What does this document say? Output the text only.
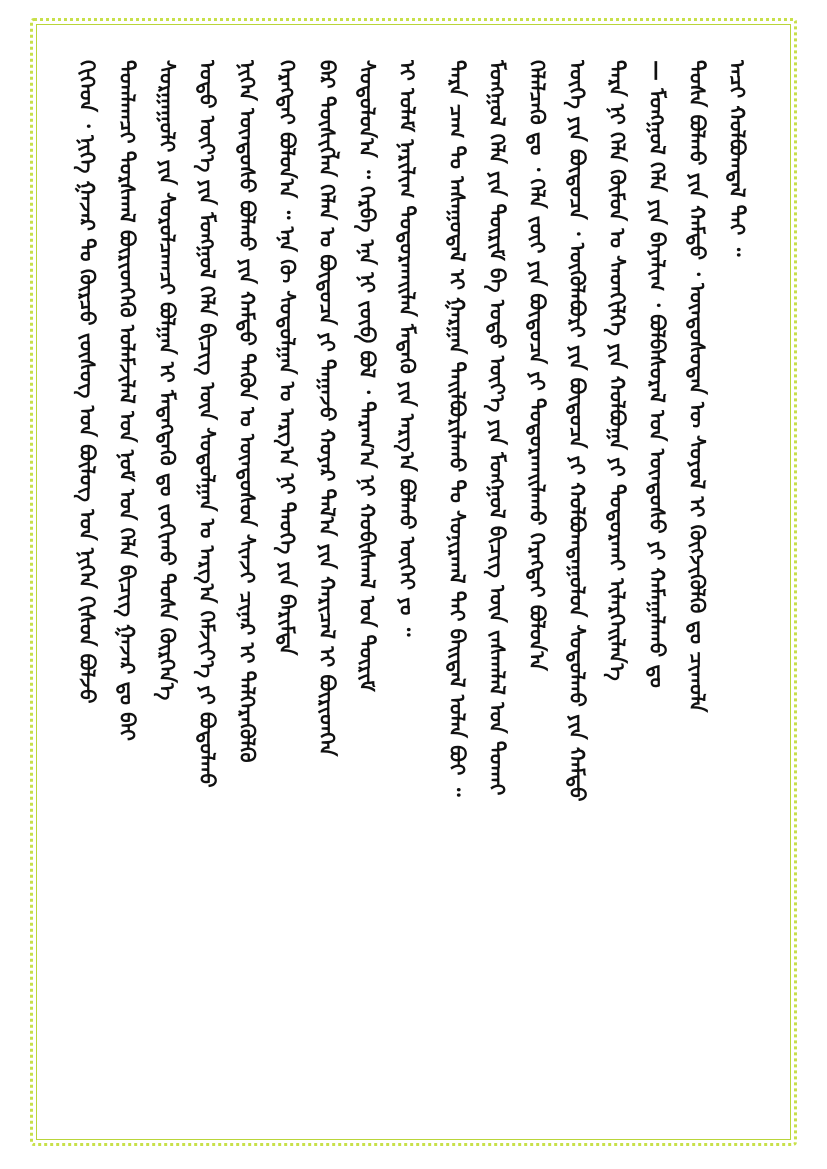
ᠬᠢᠭᠡᠳ ᠂ ᠨᠢᠭᠡ ᠭᠠᠵᠠᠷ ᠲᠤ ᠬᠦᠷᠴᠤ ᠵᠦᠰᠦᠭ ᠤᠨ ᠪᠦᠯᠦᠭ ᠤᠨ ᠨᠢᠭᠡᠨ ᠭᠢᠰᠦᠨ ᠪᠣᠯᠵᠤ ᠲᠣᠭᠯᠠᠭᠴᠢ ᠳᠤᠷᠰᠬᠠᠯ ᠪᠦᠷᠢᠳᠭᠡᠬᠦ ᠤᠯᠠᠮᠵᠢᠯᠠᠯ ᠤᠨ ᠨᠣᠮ ᠤᠨ ᠬᠡᠯᠡ ᠪᠢᠴᠢᠭ ᠭᠠᠵᠠᠷ ᠳᠤ ᠪᠠᠢ ᠰᠤᠷᠭᠠᠭᠤᠯᠢ ᠶᠢᠨ ᠰᠤᠷᠤᠯᠴᠠᠭᠴᠢ ᠪᠣᠯᠭᠠᠨ ᠢ ᠮᠡᠳᠡᠭᠳᠡᠬᠦ ᠳᠤ ᠵᠣᠬᠢᠬᠤ ᠲᠤᠰᠠ ᠬᠦᠷᠭᠡᠨ᠎ᠡ ᠣᠳᠣ ᠦᠶ᠎ᠡ ᠶᠢᠨ ᠮᠣᠩᠭᠣᠯ ᠬᠡᠯᠡ ᠪᠢᠴᠢᠭ ᠦᠨ ᠰᠤᠳᠤᠯᠭᠠᠨ ᠤ ᠠᠷᠭ᠎ᠠ ᠬᠡᠮᠵᠢᠶ᠎ᠡ ᠶᠢ ᠪᠣᠳᠤᠯᠬᠤ ᠨᠢᠭᠡᠨ ᠦᠨᠳᠦᠰᠦ ᠪᠣᠯᠬᠤ ᠶᠢᠨ ᠬᠠᠮᠲᠤ ᠲᠡᠭᠦᠨ ᠤ ᠦᠨᠳᠦᠰᠦᠨ ᠰᠢᠨᠵᠢ ᠴᠢᠨᠠᠷ ᠢ ᠳᠡᠯᠭᠡᠷᠡᠭᠦᠯᠬᠦ ᠬᠡᠷᠡᠭᠲᠡᠢ ᠪᠣᠯᠤᠨ᠎ᠠ ᠃ ᠡᠨᠡ ᠬᠦ ᠰᠤᠳᠤᠯᠭᠠᠨ ᠤ ᠠᠷᠭ᠎ᠠ ᠨᠢ ᠲᠡᠦᠬᠡ ᠶᠢᠨ ᠪᠠᠷᠢᠮᠲᠠ ᠪᠠᠷ ᠲᠦᠰᠢᠭᠯᠡᠨ ᠬᠡᠯᠡᠨ ᠤ ᠪᠦᠲᠦᠴᠡ ᠶᠢ ᠳᠠᠭᠠᠵᠤ ᠬᠣᠶᠠᠷ ᠲᠠᠯ᠎ᠠ ᠶᠢᠨ ᠬᠠᠷᠢᠴᠠᠯ ᠢ ᠪᠦᠷᠢᠳᠭᠡᠨ ᠰᠤᠳᠤᠯᠤᠨ᠎ᠠ ᠃ ᠬᠡᠷᠪᠡ ᠡᠨᠡ ᠨᠢ ᠵᠥᠪ ᠪᠣᠯ ᠂ ᠳᠠᠷᠠᠭ᠎ᠠ ᠨᠢ ᠬᠤᠪᠢᠰᠬᠠᠯ ᠤᠨ ᠳᠦᠷᠢᠮ ᠢ ᠤᠯᠠᠮ ᠨᠠᠷᠢᠯᠢᠭ ᠲᠣᠳᠣᠷᠬᠠᠢᠯᠠᠨ ᠮᠡᠳᠡᠬᠦ ᠶᠢᠨ ᠠᠷᠭ᠎ᠠ ᠪᠣᠯᠬᠤ ᠦᠭᠡᠢ ᠶᠤ ᠃ ᠲᠡᠷᠡ ᠴᠠᠭ ᠲᠤ ᠠᠰᠠᠭᠤᠳᠠᠯ ᠢ ᠭᠠᠷᠭᠠᠨ ᠲᠠᠢᠯᠪᠤᠷᠢᠯᠠᠬᠤ ᠲᠤ ᠰᠣᠨᠢᠷᠬᠠᠯ ᠲᠠᠢ ᠪᠠᠢᠳᠠᠯ ᠤᠯᠠᠨ ᠪᠣᠢ ᠃ ᠮᠣᠩᠭᠣᠯ ᠬᠡᠯᠡ ᠶᠢᠨ ᠳᠦᠷᠢᠮ ᠪᠠ ᠣᠳᠣ ᠦᠶ᠎ᠡ ᠶᠢᠨ ᠮᠣᠩᠭᠣᠯ ᠪᠢᠴᠢᠭ ᠦᠨ ᠵᠠᠰᠠᠭᠯᠠᠯ ᠤᠨ ᠲᠤᠬᠠᠢ ᠬᠡᠯᠡᠯᠴᠡᠬᠦ ᠳᠤ ᠂ ᠬᠡᠯᠡ ᠵᠦᠢ ᠶᠢᠨ ᠪᠦᠲᠦᠴᠡ ᠶᠢ ᠲᠣᠳᠣᠷᠬᠠᠢᠯᠠᠬᠤ ᠬᠡᠷᠡᠭᠲᠡᠢ ᠪᠣᠯᠤᠨ᠎ᠠ ᠦᠭᠡ ᠶᠢᠨ ᠪᠦᠲᠦᠴᠡ ᠂ ᠦᠭᠦᠯᠡᠪᠦᠷᠢ ᠶᠢᠨ ᠪᠦᠲᠦᠴᠡ ᠶᠢ ᠬᠣᠯᠪᠤᠭᠳᠠᠭᠤᠯᠤᠨ ᠰᠤᠳᠤᠯᠬᠤ ᠶᠢᠨ ᠬᠠᠮᠲᠤ ᠲᠡᠷᠡ ᠨᠢ ᠬᠡᠯᠡ ᠬᠦᠮᠦᠨ ᠤ ᠰᠡᠳᠬᠢᠯᠭᠡ ᠶᠢᠨ ᠬᠣᠯᠪᠣᠭᠠ ᠶᠢ ᠲᠣᠳᠣᠷᠬᠠᠢ ᠢᠯᠡᠷᠬᠡᠢᠯᠡᠨ᠎ᠡ — ᠮᠣᠩᠭᠣᠯ ᠬᠡᠯᠡ ᠶᠢᠨ ᠪᠠᠶᠠᠯᠢᠭ ᠂ ᠪᠣᠯᠪᠠᠰᠤᠷᠠᠯ ᠤᠨ ᠦᠨᠳᠦᠰᠦ ᠶᠢ ᠬᠠᠮᠠᠭᠠᠯᠠᠬᠤ ᠳᠤ ᠲᠤᠰᠠ ᠪᠣᠯᠬᠤ ᠶᠢᠨ ᠬᠠᠮᠲᠤ ᠂ ᠦᠨᠳᠦᠰᠦᠲᠡᠨ ᠦ ᠰᠣᠶᠣᠯ ᠢ ᠬᠥᠭᠵᠢᠭᠦᠯᠬᠦ ᠳᠤ ᠴᠢᠬᠤᠯᠠ ᠠᠴᠢ ᠬᠣᠯᠪᠣᠭᠳᠠᠯ ᠲᠠᠢ ᠃
